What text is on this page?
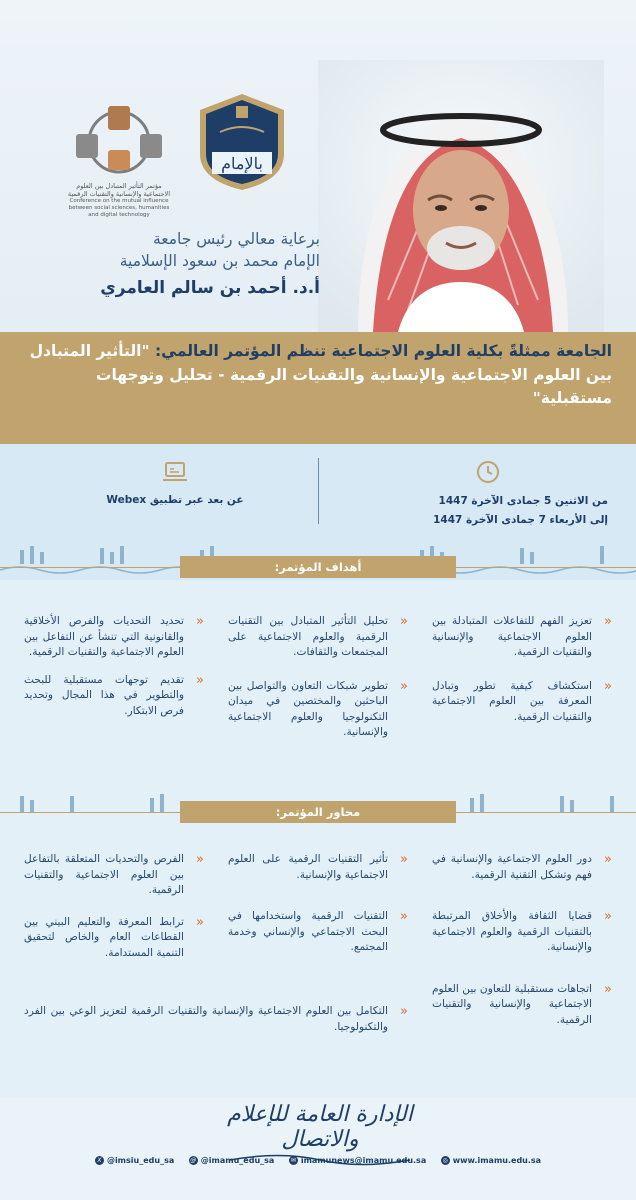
بالإمام
مؤتمر التأثير المتبادل بين العلوم الاجتماعية والإنسانية والتقنيات الرقمية
Conference on the mutual influence between social sciences, humanities and digital technology
برعاية معالي رئيس جامعة
الإمام محمد بن سعود الإسلامية
أ.د. أحمد بن سالم العامري
الجامعة ممثلةً بكلية العلوم الاجتماعية تنظم المؤتمر العالمي: "التأثير المتبادل بين العلوم الاجتماعية والإنسانية والتقنيات الرقمية - تحليل وتوجهات مستقبلية"
من الاثنين 5 جمادى الآخرة 1447
إلى الأربعاء 7 جمادى الآخرة 1447
عن بعد عبر تطبيق Webex
أهداف المؤتمر:
«
تعزيز الفهم للتفاعلات المتبادلة بين العلوم الاجتماعية والإنسانية والتقنيات الرقمية.
«
استكشاف كيفية تطور وتبادل المعرفة بين العلوم الاجتماعية والتقنيات الرقمية.
«
تحليل التأثير المتبادل بين التقنيات الرقمية والعلوم الاجتماعية على المجتمعات والثقافات.
«
تطوير شبكات التعاون والتواصل بين الباحثين والمختصين في ميدان التكنولوجيا والعلوم الاجتماعية والإنسانية.
«
تحديد التحديات والفرص الأخلاقية والقانونية التي تنشأ عن التفاعل بين العلوم الاجتماعية والتقنيات الرقمية.
«
تقديم توجهات مستقبلية للبحث والتطوير في هذا المجال وتحديد فرص الابتكار.
محاور المؤتمر:
«
دور العلوم الاجتماعية والإنسانية في فهم وتشكل التقنية الرقمية.
«
قضايا الثقافة والأخلاق المرتبطة بالتقنيات الرقمية والعلوم الاجتماعية والإنسانية.
«
اتجاهات مستقبلية للتعاون بين العلوم الاجتماعية والإنسانية والتقنيات الرقمية.
«
تأثير التقنيات الرقمية على العلوم الاجتماعية والإنسانية.
«
التقنيات الرقمية واستخدامها في البحث الاجتماعي والإنساني وخدمة المجتمع.
«
الفرص والتحديات المتعلقة بالتفاعل بين العلوم الاجتماعية والتقنيات الرقمية.
«
ترابط المعرفة والتعليم البيني بين القطاعات العام والخاص لتحقيق التنمية المستدامة.
«
التكامل بين العلوم الاجتماعية والإنسانية والتقنيات الرقمية لتعزيز الوعي بين الفرد والتكنولوجيا.
الإدارة العامة للإعلام والاتصال
X @imsiu_edu_sa	@ @imamu_edu_sa	✉ imamunews@imamu.edu.sa	◎ www.imamu.edu.sa
